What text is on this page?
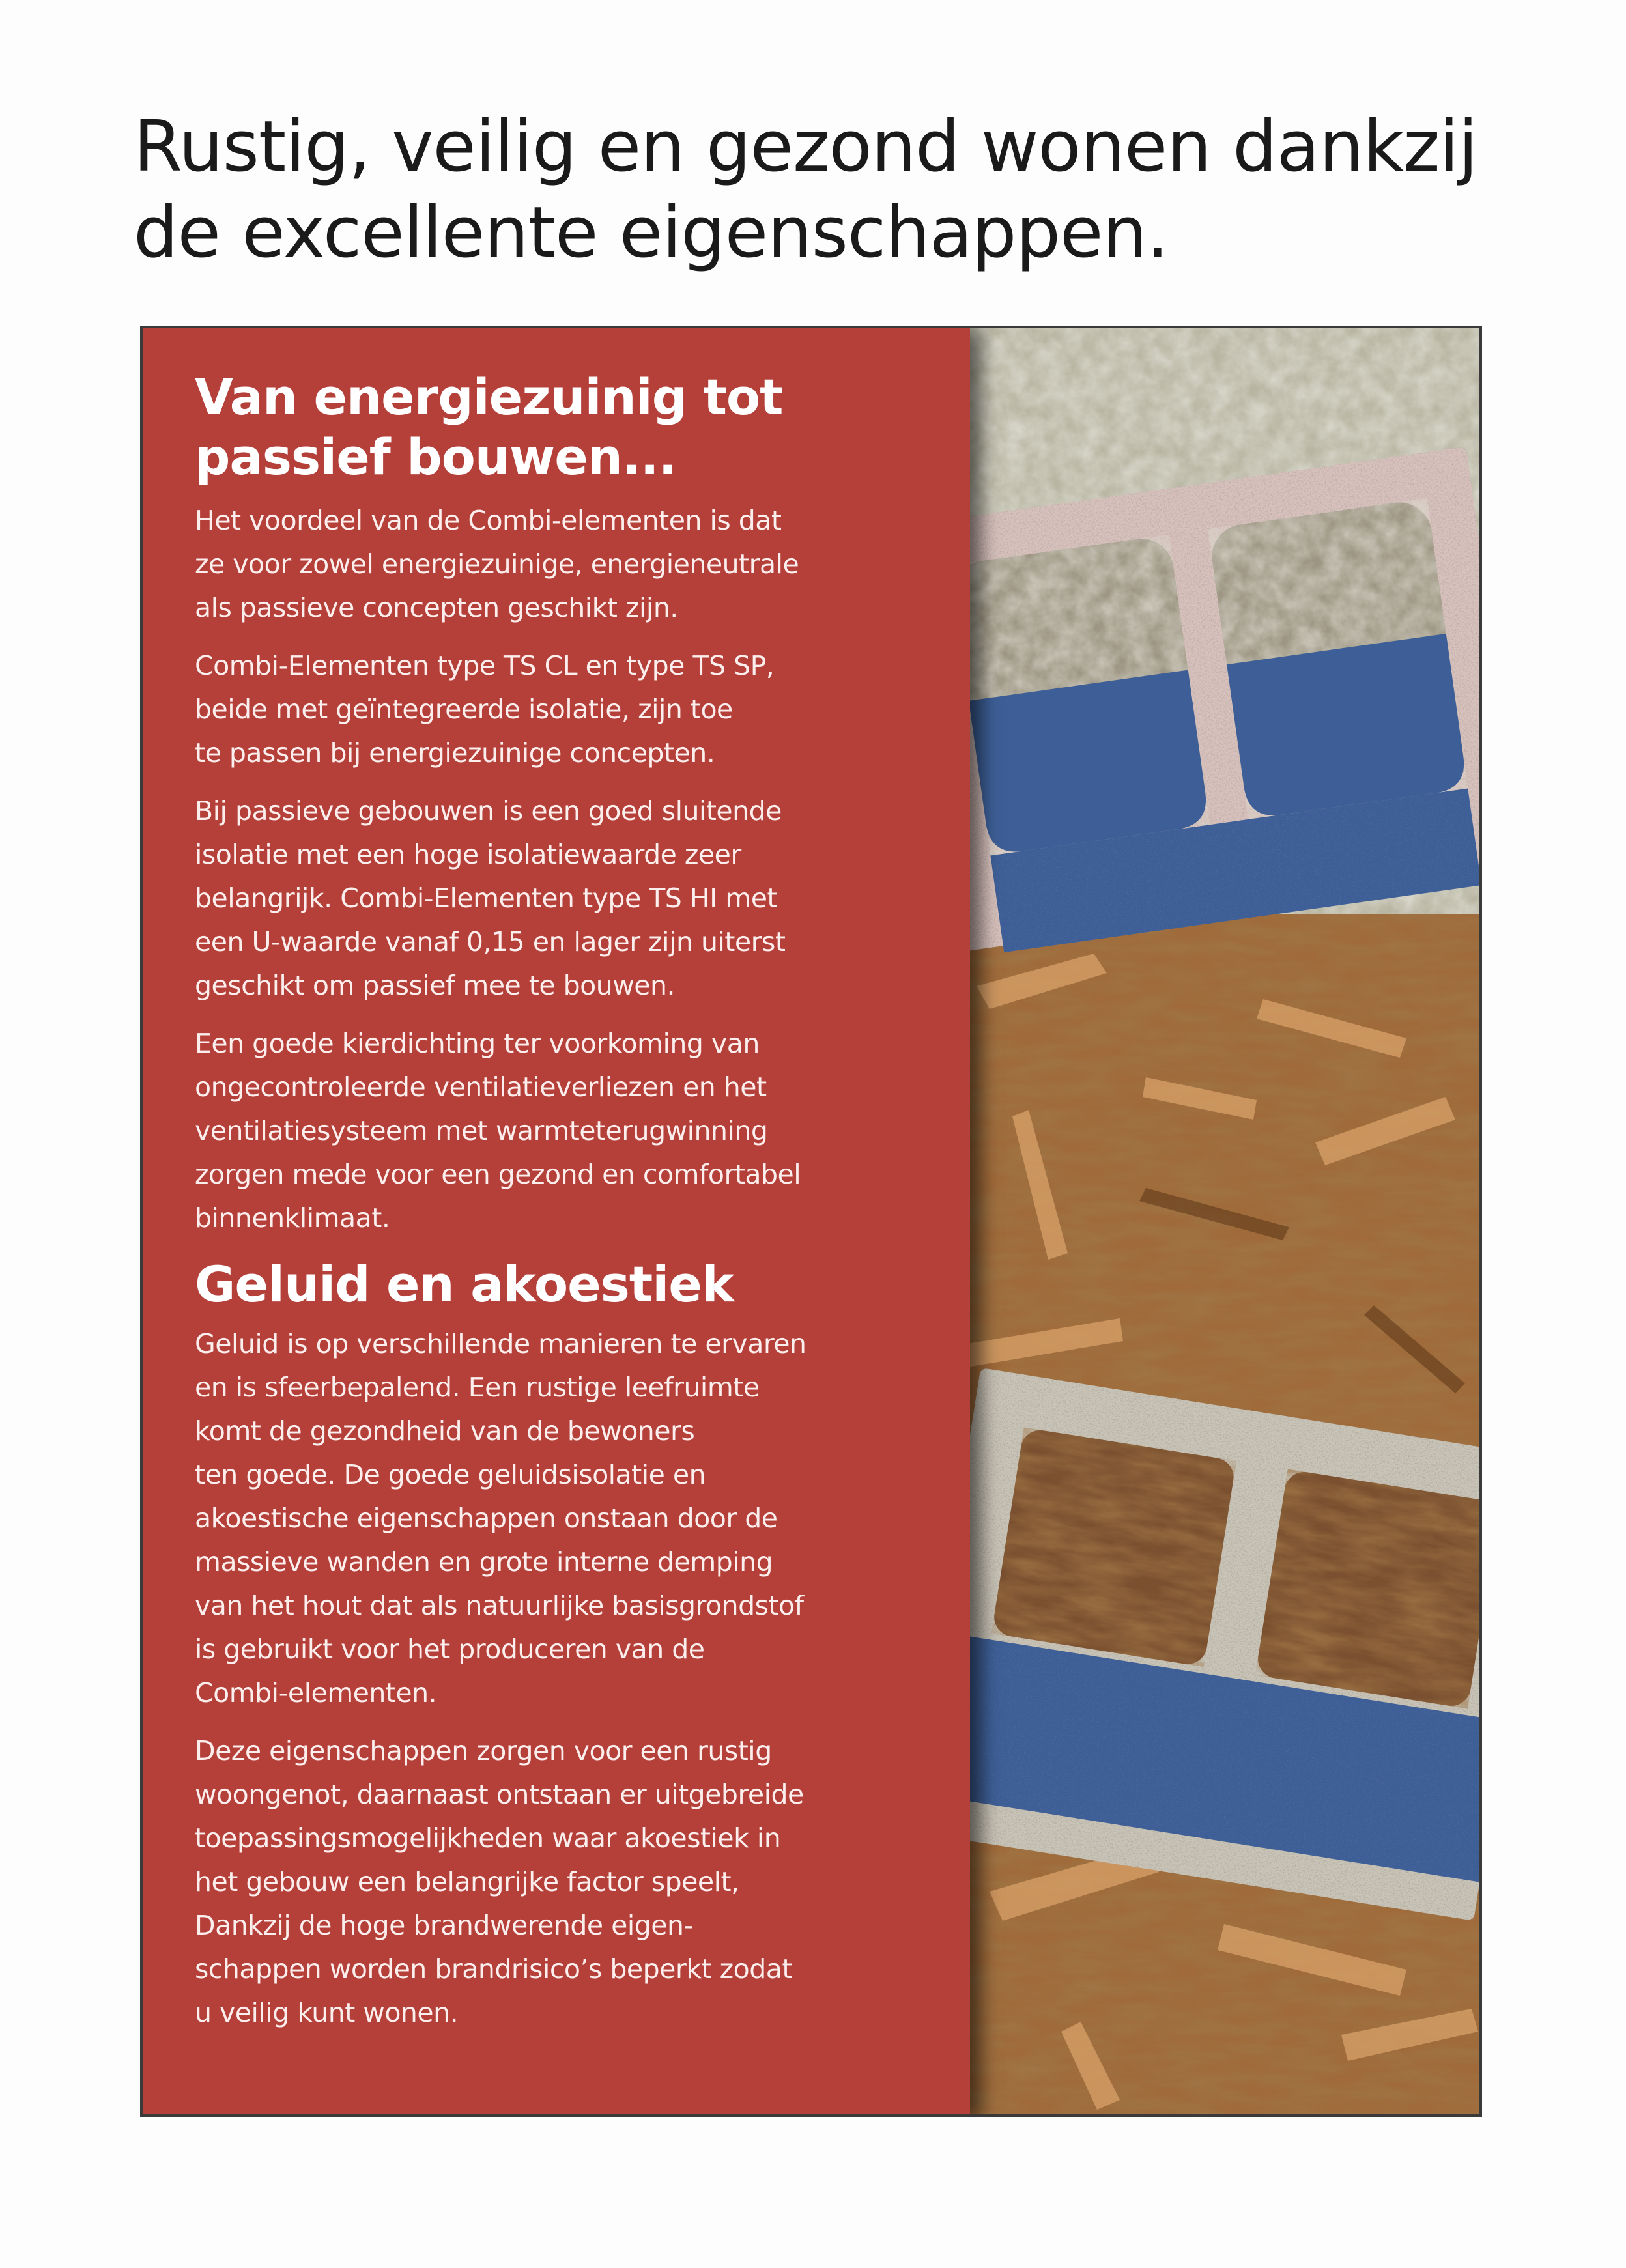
Rustig, veilig en gezond wonen dankzij
de excellente eigenschappen.
Van energiezuinig tot
passief bouwen...

Het voordeel van de Combi-elementen is dat
ze voor zowel energiezuinige, energieneutrale
als passieve concepten geschikt zijn.

Combi-Elementen type TS CL en type TS SP,
beide met geïntegreerde isolatie, zijn toe
te passen bij energiezuinige concepten.

Bij passieve gebouwen is een goed sluitende
isolatie met een hoge isolatiewaarde zeer
belangrijk. Combi-Elementen type TS HI met
een U-waarde vanaf 0,15 en lager zijn uiterst
geschikt om passief mee te bouwen.

Een goede kierdichting ter voorkoming van
ongecontroleerde ventilatieverliezen en het
ventilatiesysteem met warmteterugwinning
zorgen mede voor een gezond en comfortabel
binnenklimaat.

Geluid en akoestiek

Geluid is op verschillende manieren te ervaren
en is sfeerbepalend. Een rustige leefruimte
komt de gezondheid van de bewoners
ten goede. De goede geluidsisolatie en
akoestische eigenschappen onstaan door de
massieve wanden en grote interne demping
van het hout dat als natuurlijke basisgrondstof
is gebruikt voor het produceren van de
Combi-elementen.

Deze eigenschappen zorgen voor een rustig
woongenot, daarnaast ontstaan er uitgebreide
toepassingsmogelijkheden waar akoestiek in
het gebouw een belangrijke factor speelt,
Dankzij de hoge brandwerende eigen-
schappen worden brandrisico’s beperkt zodat
u veilig kunt wonen.
